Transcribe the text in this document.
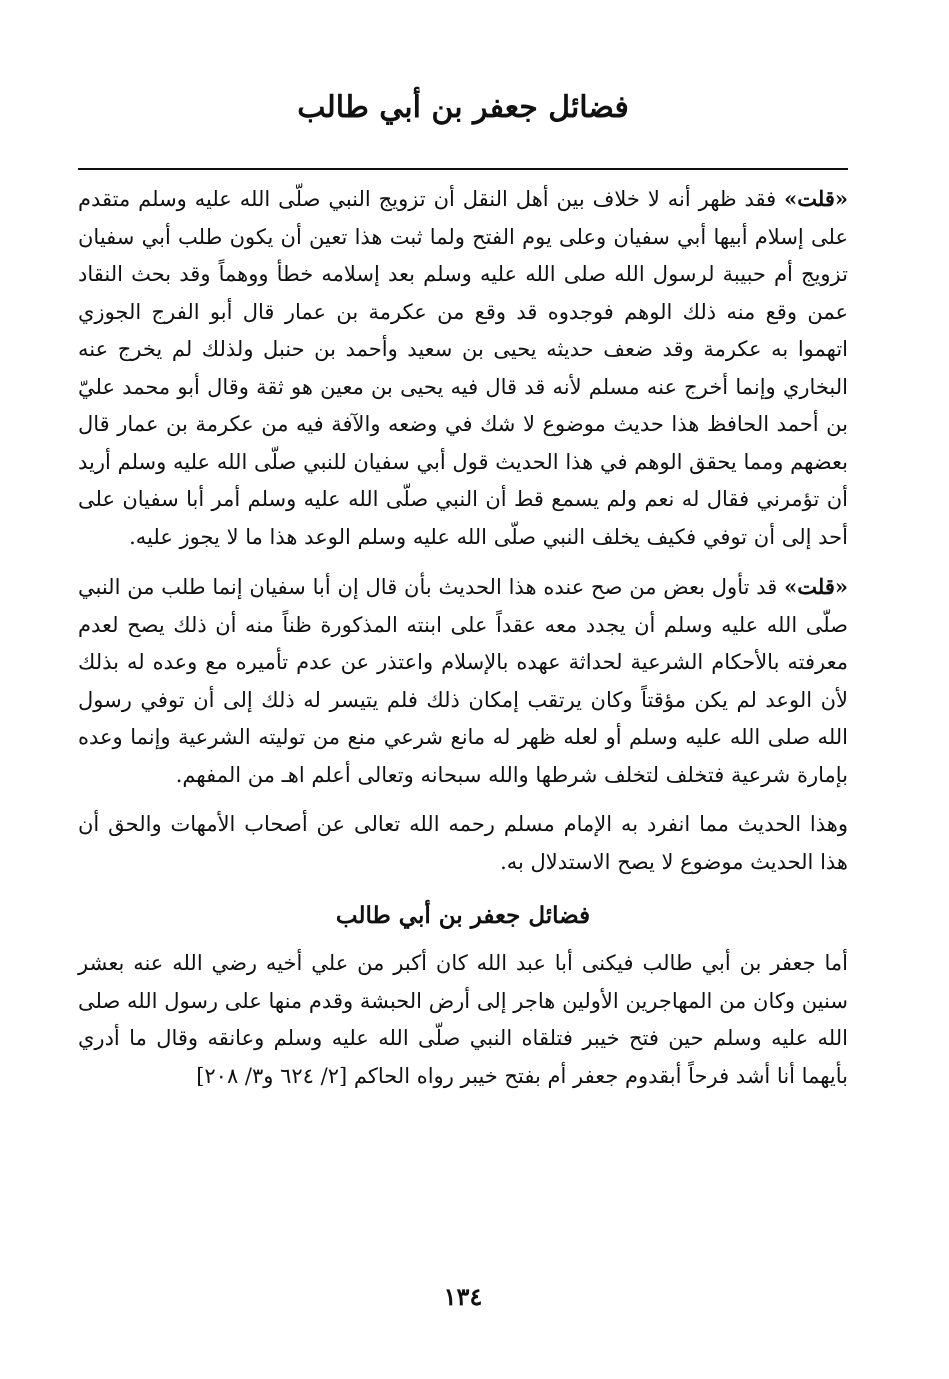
فضائل جعفر بن أبي طالب

«قلت» فقد ظهر أنه لا خلاف بين أهل النقل أن تزويج النبي صلّى الله عليه وسلم متقدم على إسلام أبيها أبي سفيان وعلى يوم الفتح ولما ثبت هذا تعين أن يكون طلب أبي سفيان تزويج أم حبيبة لرسول الله صلى الله عليه وسلم بعد إسلامه خطأ ووهماً وقد بحث النقاد عمن وقع منه ذلك الوهم فوجدوه قد وقع من عكرمة بن عمار قال أبو الفرج الجوزي اتهموا به عكرمة وقد ضعف حديثه يحيى بن سعيد وأحمد بن حنبل ولذلك لم يخرج عنه البخاري وإنما أخرج عنه مسلم لأنه قد قال فيه يحيى بن معين هو ثقة وقال أبو محمد عليّ بن أحمد الحافظ هذا حديث موضوع لا شك في وضعه والآفة فيه من عكرمة بن عمار قال بعضهم ومما يحقق الوهم في هذا الحديث قول أبي سفيان للنبي صلّى الله عليه وسلم أريد أن تؤمرني فقال له نعم ولم يسمع قط أن النبي صلّى الله عليه وسلم أمر أبا سفيان على أحد إلى أن توفي فكيف يخلف النبي صلّى الله عليه وسلم الوعد هذا ما لا يجوز عليه.

«قلت» قد تأول بعض من صح عنده هذا الحديث بأن قال إن أبا سفيان إنما طلب من النبي صلّى الله عليه وسلم أن يجدد معه عقداً على ابنته المذكورة ظناً منه أن ذلك يصح لعدم معرفته بالأحكام الشرعية لحداثة عهده بالإسلام واعتذر عن عدم تأميره مع وعده له بذلك لأن الوعد لم يكن مؤقتاً وكان يرتقب إمكان ذلك فلم يتيسر له ذلك إلى أن توفي رسول الله صلى الله عليه وسلم أو لعله ظهر له مانع شرعي منع من توليته الشرعية وإنما وعده بإمارة شرعية فتخلف لتخلف شرطها والله سبحانه وتعالى أعلم اهـ من المفهم.

وهذا الحديث مما انفرد به الإمام مسلم رحمه الله تعالى عن أصحاب الأمهات والحق أن هذا الحديث موضوع لا يصح الاستدلال به.

فضائل جعفر بن أبي طالب

أما جعفر بن أبي طالب فيكنى أبا عبد الله كان أكبر من علي أخيه رضي الله عنه بعشر سنين وكان من المهاجرين الأولين هاجر إلى أرض الحبشة وقدم منها على رسول الله صلى الله عليه وسلم حين فتح خيبر فتلقاه النبي صلّى الله عليه وسلم وعانقه وقال ما أدري بأيهما أنا أشد فرحاً أبقدوم جعفر أم بفتح خيبر رواه الحاكم [٢/ ٦٢٤ و٣/ ٢٠٨]

١٣٤
